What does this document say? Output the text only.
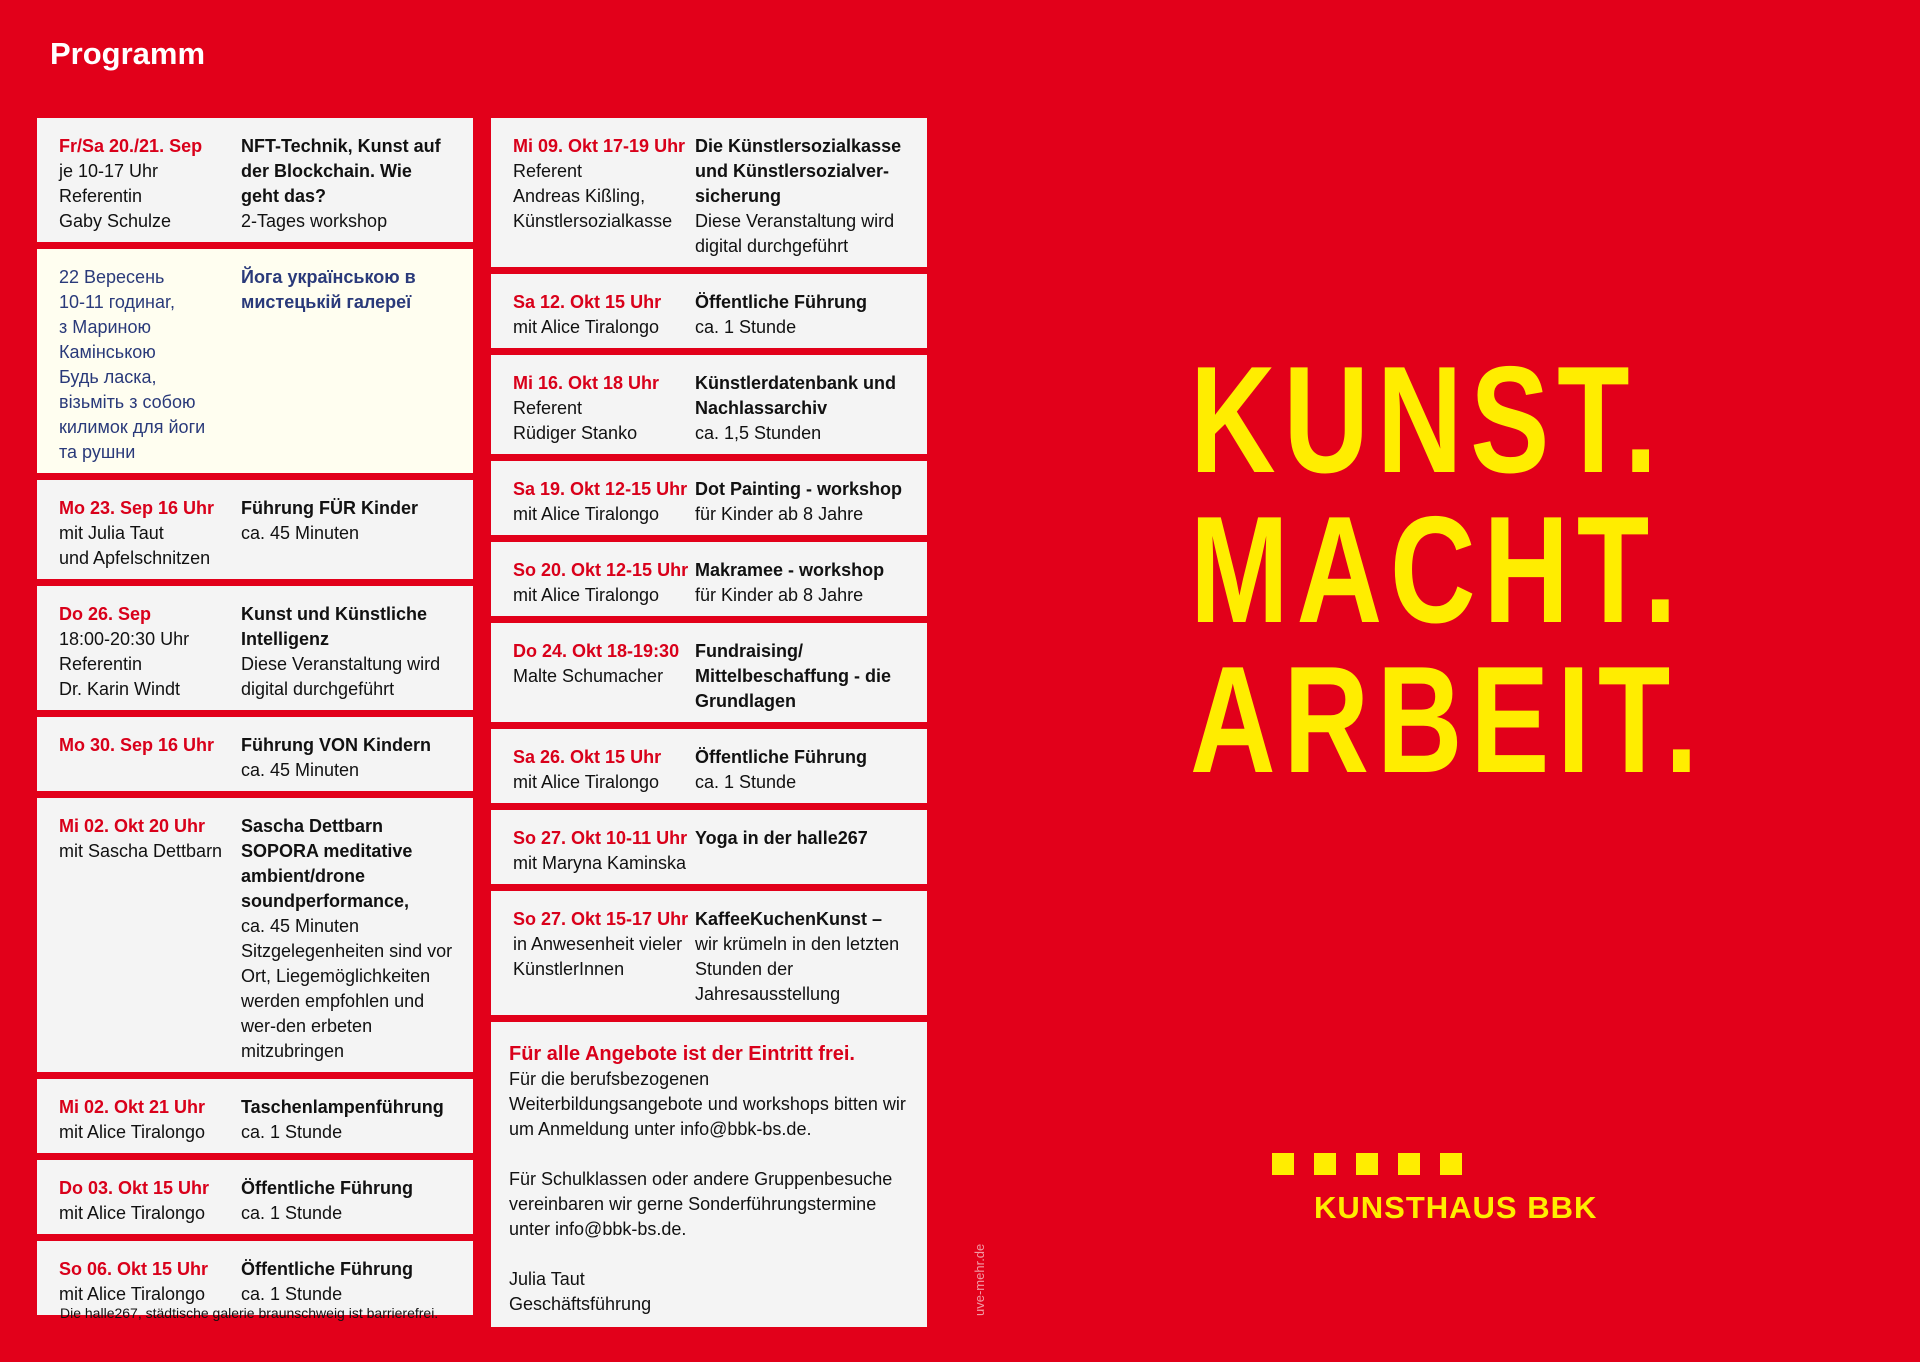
Programm
Fr/Sa 20./21. Sep
je 10-17 Uhr
Referentin
Gaby Schulze
NFT-Technik, Kunst auf der Blockchain. Wie geht das?
2-Tages workshop
22 Вересень
10-11 годинаr,
з Мариною
Камінською
Будь ласка,
візьміть з собою
килимок для йоги
та рушни
Йога українською в мистецькій галереї
Mo 23. Sep 16 Uhr
mit Julia Taut
und Apfelschnitzen
Führung FÜR Kinder
ca. 45 Minuten
Do 26. Sep
18:00-20:30 Uhr
Referentin
Dr. Karin Windt
Kunst und Künstliche Intelligenz
Diese Veranstaltung wird digital durchgeführt
Mo 30. Sep 16 Uhr	Führung VON Kindern
ca. 45 Minuten
Mi 02. Okt 20 Uhr
mit Sascha Dettbarn
Sascha Dettbarn SOPORA meditative ambient/drone soundperformance,
ca. 45 Minuten
Sitzgelegenheiten sind vor Ort, Liegemöglichkeiten werden empfohlen und wer-den erbeten mitzubringen
Mi 02. Okt 21 Uhr
mit Alice Tiralongo
Taschenlampenführung
ca. 1 Stunde
Do 03. Okt 15 Uhr
mit Alice Tiralongo
Öffentliche Führung
ca. 1 Stunde
So 06. Okt 15 Uhr
mit Alice Tiralongo
Öffentliche Führung
ca. 1 Stunde
Mi 09. Okt 17-19 Uhr
Referent
Andreas Kißling,
Künstlersozialkasse
Die Künstlersozialkasse und Künstlersozialver-sicherung
Diese Veranstaltung wird digital durchgeführt
Sa 12. Okt 15 Uhr
mit Alice Tiralongo
Öffentliche Führung
ca. 1 Stunde
Mi 16. Okt 18 Uhr
Referent
Rüdiger Stanko
Künstlerdatenbank und Nachlassarchiv
ca. 1,5 Stunden
Sa 19. Okt 12-15 Uhr
mit Alice Tiralongo
Dot Painting - workshop
für Kinder ab 8 Jahre
So 20. Okt 12-15 Uhr
mit Alice Tiralongo
Makramee - workshop
für Kinder ab 8 Jahre
Do 24. Okt 18-19:30
Malte Schumacher
Fundraising/ Mittelbeschaffung - die Grundlagen
Sa 26. Okt 15 Uhr
mit Alice Tiralongo
Öffentliche Führung
ca. 1 Stunde
So 27. Okt 10-11 Uhr
mit Maryna Kaminska
Yoga in der halle267
So 27. Okt 15-17 Uhr
in Anwesenheit vieler
KünstlerInnen
KaffeeKuchenKunst –
wir krümeln in den letzten Stunden der Jahresausstellung
Für alle Angebote ist der Eintritt frei.

Für die berufsbezogenen Weiterbildungsangebote und workshops bitten wir um Anmeldung unter info@bbk-bs.de.

Für Schulklassen oder andere Gruppenbesuche vereinbaren wir gerne Sonderführungstermine unter info@bbk-bs.de.

Julia Taut
Geschäftsführung
Die halle267, städtische galerie braunschweig ist barrierefrei.	uve-mehr.de
KUNST.
MACHT.
ARBEIT.
KUNSTHAUS BBK
